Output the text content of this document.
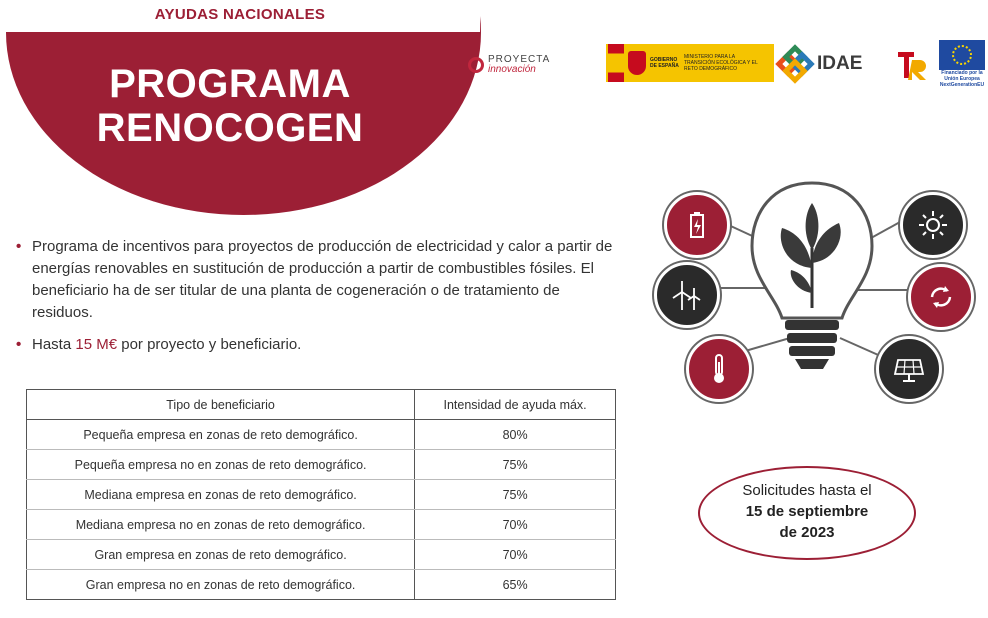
AYUDAS NACIONALES
PROGRAMA
RENOCOGEN
PROYECTA
innovación
GOBIERNO DE ESPAÑA
MINISTERIO PARA LA TRANSICIÓN ECOLÓGICA Y EL RETO DEMOGRÁFICO	IDAE	Financiado por la Unión Europea NextGenerationEU

• Programa de incentivos para proyectos de producción de electricidad y calor a partir de energías renovables en sustitución de producción a partir de combustibles fósiles. El beneficiario ha de ser titular de una planta de cogeneración o de tratamiento de residuos.

• Hasta 15 M€ por proyecto y beneficiario.

Tipo de beneficiario	Intensidad de ayuda máx.
Pequeña empresa en zonas de reto demográfico.	80%
Pequeña empresa no en zonas de reto demográfico.	75%
Mediana empresa en zonas de reto demográfico.	75%
Mediana empresa no en zonas de reto demográfico.	70%
Gran empresa en zonas de reto demográfico.	70%
Gran empresa no en zonas de reto demográfico.	65%
Solicitudes hasta el
15 de septiembre
de 2023
